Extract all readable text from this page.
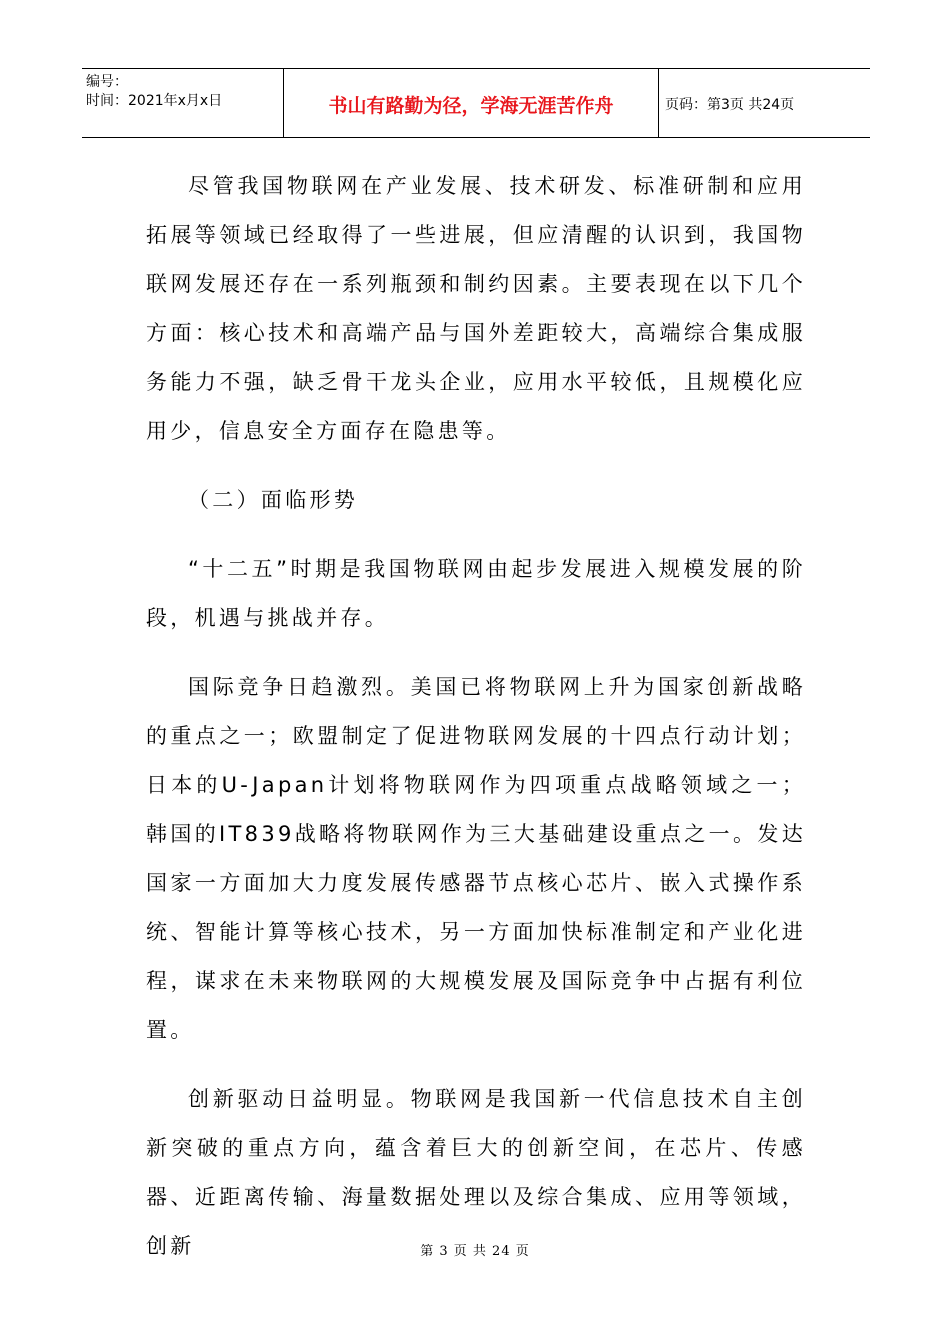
编号：
时间：2021年x月x日	书山有路勤为径，学海无涯苦作舟	页码：第3页 共24页

尽管我国物联网在产业发展、技术研发、标准研制和应用拓展等领域已经取得了一些进展，但应清醒的认识到，我国物联网发展还存在一系列瓶颈和制约因素。主要表现在以下几个方面：核心技术和高端产品与国外差距较大，高端综合集成服务能力不强，缺乏骨干龙头企业，应用水平较低，且规模化应用少，信息安全方面存在隐患等。

（二）面临形势

“十二五”时期是我国物联网由起步发展进入规模发展的阶段，机遇与挑战并存。

国际竞争日趋激烈。美国已将物联网上升为国家创新战略的重点之一；欧盟制定了促进物联网发展的十四点行动计划；日本的U-Japan计划将物联网作为四项重点战略领域之一；韩国的IT839战略将物联网作为三大基础建设重点之一。发达国家一方面加大力度发展传感器节点核心芯片、嵌入式操作系统、智能计算等核心技术，另一方面加快标准制定和产业化进程，谋求在未来物联网的大规模发展及国际竞争中占据有利位置。

创新驱动日益明显。物联网是我国新一代信息技术自主创新突破的重点方向，蕴含着巨大的创新空间，在芯片、传感器、近距离传输、海量数据处理以及综合集成、应用等领域，创新	第 3 页 共 24 页
